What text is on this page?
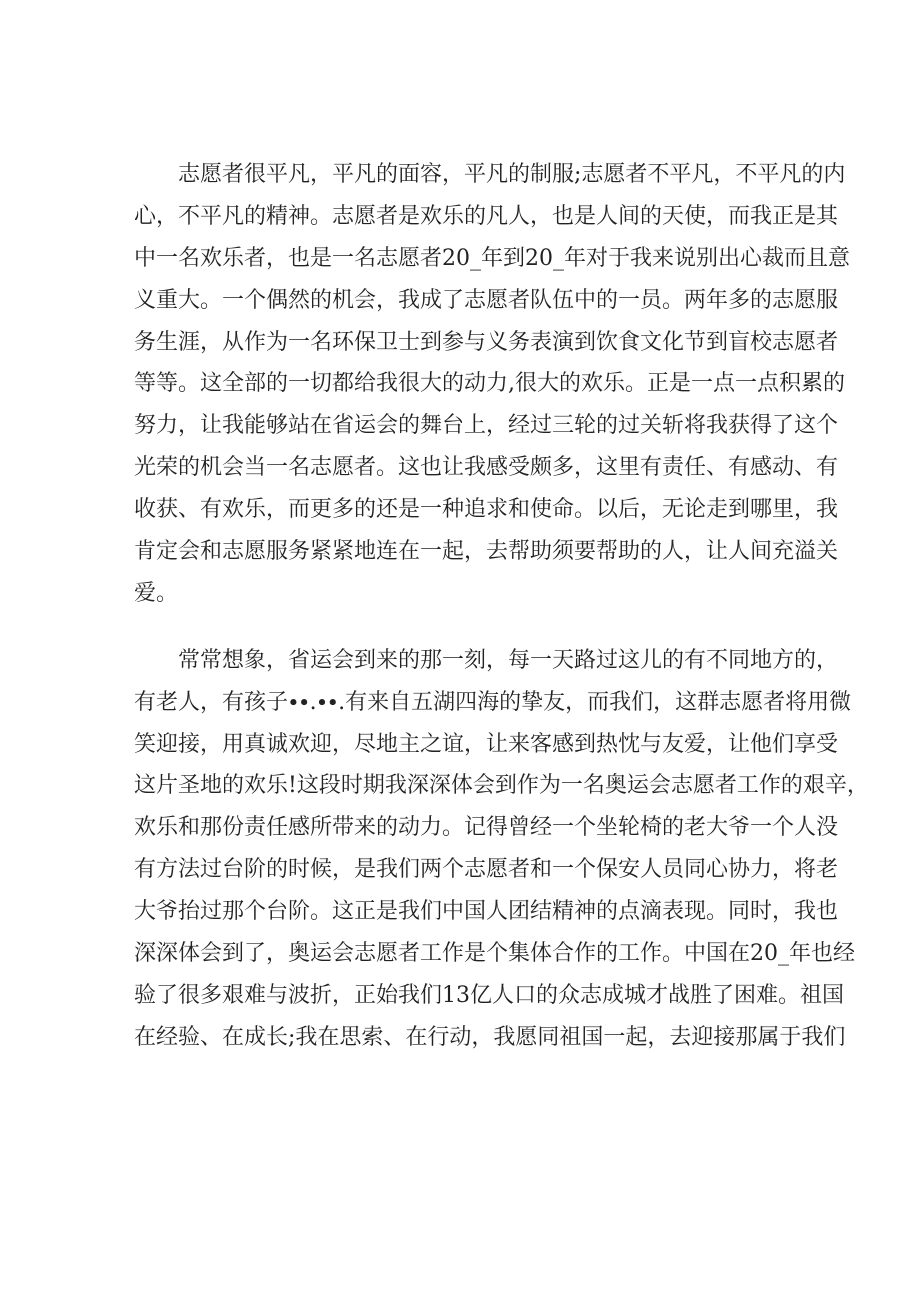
　　志愿者很平凡，平凡的面容，平凡的制服;志愿者不平凡，不平凡的内
心，不平凡的精神。志愿者是欢乐的凡人，也是人间的天使，而我正是其
中一名欢乐者，也是一名志愿者20_年到20_年对于我来说别出心裁而且意
义重大。一个偶然的机会，我成了志愿者队伍中的一员。两年多的志愿服
务生涯，从作为一名环保卫士到参与义务表演到饮食文化节到盲校志愿者
等等。这全部的一切都给我很大的动力,很大的欢乐。正是一点一点积累的
努力，让我能够站在省运会的舞台上，经过三轮的过关斩将我获得了这个
光荣的机会当一名志愿者。这也让我感受颇多，这里有责任、有感动、有
收获、有欢乐，而更多的还是一种追求和使命。以后，无论走到哪里，我
肯定会和志愿服务紧紧地连在一起，去帮助须要帮助的人，让人间充溢关
爱。
　　常常想象，省运会到来的那一刻，每一天路过这儿的有不同地方的，
有老人，有孩子∙∙.∙∙.有来自五湖四海的挚友，而我们，这群志愿者将用微
笑迎接，用真诚欢迎，尽地主之谊，让来客感到热忱与友爱，让他们享受
这片圣地的欢乐!这段时期我深深体会到作为一名奥运会志愿者工作的艰辛，
欢乐和那份责任感所带来的动力。记得曾经一个坐轮椅的老大爷一个人没
有方法过台阶的时候，是我们两个志愿者和一个保安人员同心协力，将老
大爷抬过那个台阶。这正是我们中国人团结精神的点滴表现。同时，我也
深深体会到了，奥运会志愿者工作是个集体合作的工作。中国在20_年也经
验了很多艰难与波折，正始我们13亿人口的众志成城才战胜了困难。祖国
在经验、在成长;我在思索、在行动，我愿同祖国一起，去迎接那属于我们
